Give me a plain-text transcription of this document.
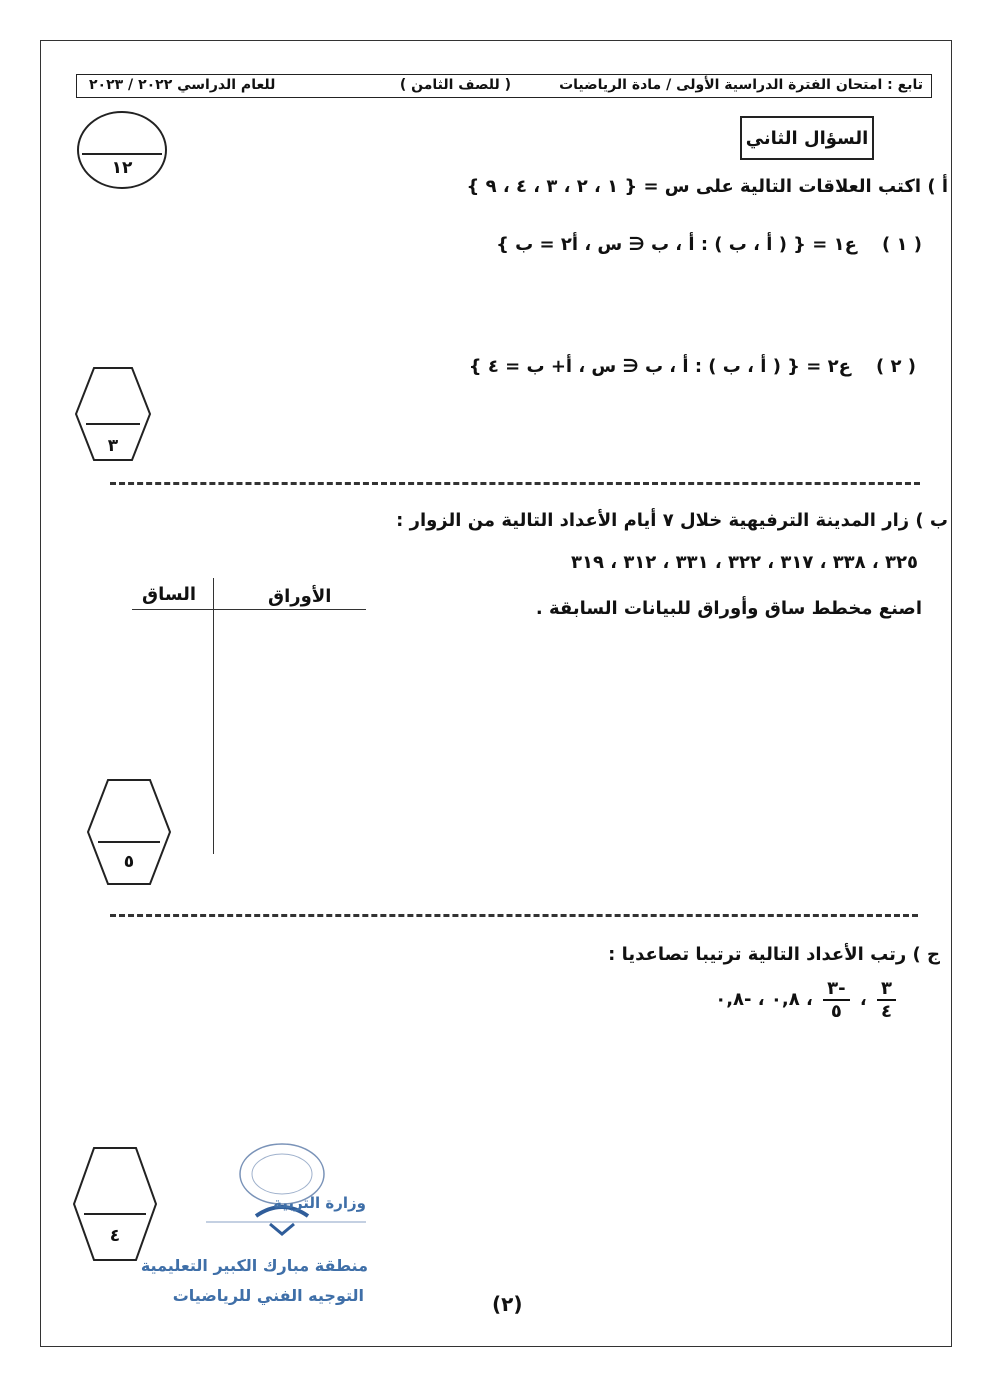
تابع : امتحان الفترة الدراسية الأولى / مادة الرياضيات
( للصف الثامن )
للعام الدراسي ٢٠٢٢ / ٢٠٢٣
١٢
السؤال الثاني
أ ) اكتب العلاقات التالية على س = { ١ ، ٢ ، ٣ ، ٤ ، ٩ }
( ١ )    ع١ = { ( أ ، ب ) : أ ، ب ∈ س ، أ٢ = ب }
( ٢ )    ع٢ = { ( أ ، ب ) : أ ، ب ∈ س ، أ+ ب = ٤ }
٣
ب ) زار المدينة الترفيهية خلال ٧ أيام الأعداد التالية من الزوار :
٣٢٥ ، ٣٣٨ ، ٣١٧ ، ٣٢٢ ، ٣٣١ ، ٣١٢ ، ٣١٩
اصنع مخطط ساق وأوراق للبيانات السابقة .
الأوراق
الساق
٥
ج ) رتب الأعداد التالية ترتيبا تصاعديا :
$\frac{٣}{٤}$
،
$\frac{-٣}{٥}$
، ٠,٨ ، -٠,٨
٤
وزارة التربية
منطقة مبارك الكبير التعليمية
التوجيه الفني للرياضيات	(٢)
